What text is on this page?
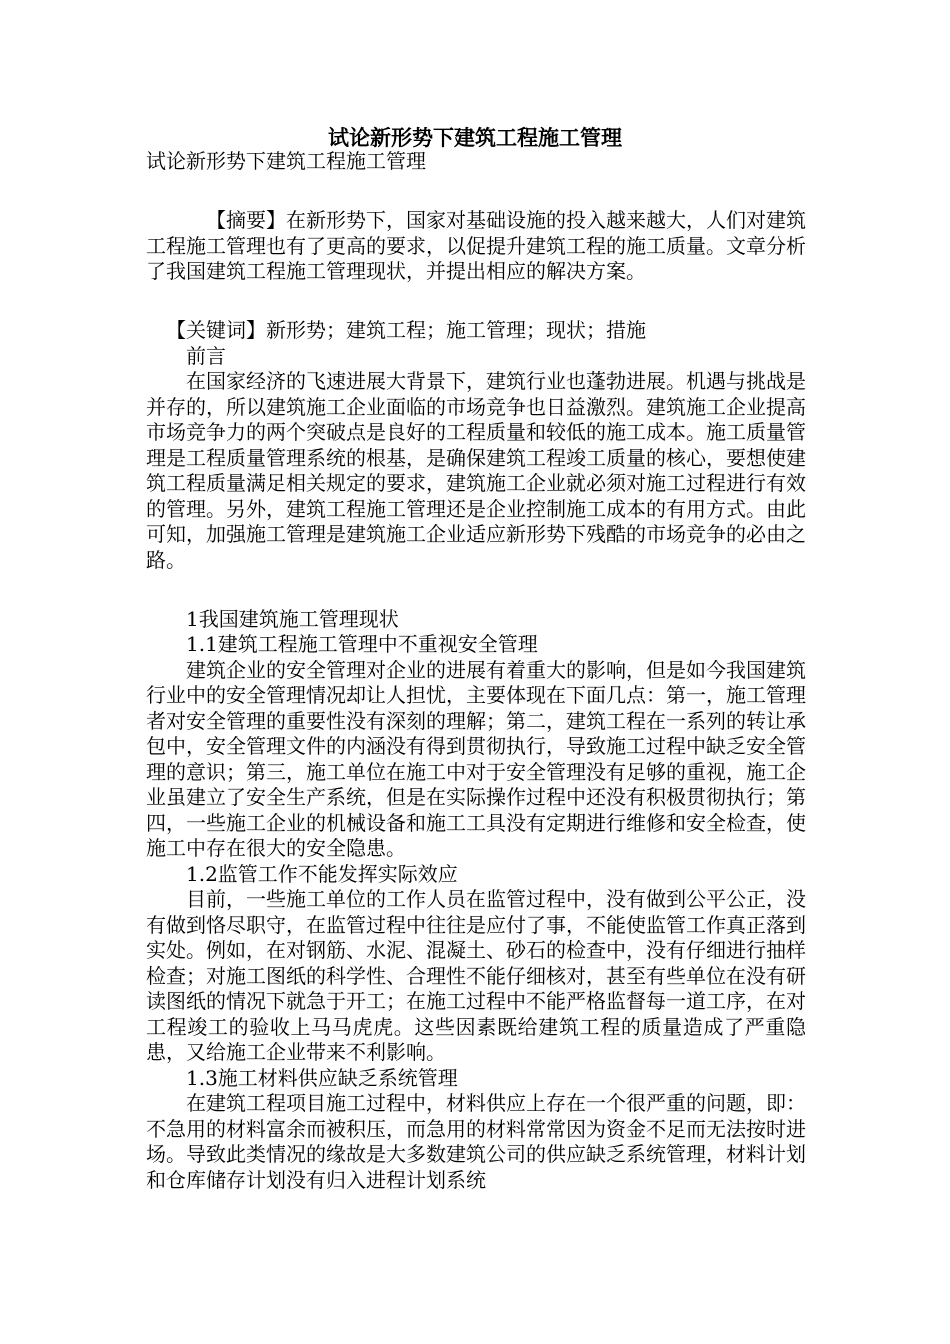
试论新形势下建筑工程施工管理

试论新形势下建筑工程施工管理

【摘要】在新形势下，国家对基础设施的投入越来越大，人们对建筑工程施工管理也有了更高的要求，以促提升建筑工程的施工质量。文章分析了我国建筑工程施工管理现状，并提出相应的解决方案。

【关键词】新形势；建筑工程；施工管理；现状；措施

前言

在国家经济的飞速进展大背景下，建筑行业也蓬勃进展。机遇与挑战是并存的，所以建筑施工企业面临的市场竞争也日益激烈。建筑施工企业提高市场竞争力的两个突破点是良好的工程质量和较低的施工成本。施工质量管理是工程质量管理系统的根基，是确保建筑工程竣工质量的核心，要想使建筑工程质量满足相关规定的要求，建筑施工企业就必须对施工过程进行有效的管理。另外，建筑工程施工管理还是企业控制施工成本的有用方式。由此可知，加强施工管理是建筑施工企业适应新形势下残酷的市场竞争的必由之路。

1我国建筑施工管理现状

1.1建筑工程施工管理中不重视安全管理

建筑企业的安全管理对企业的进展有着重大的影响，但是如今我国建筑行业中的安全管理情况却让人担忧，主要体现在下面几点：第一，施工管理者对安全管理的重要性没有深刻的理解；第二，建筑工程在一系列的转让承包中，安全管理文件的内涵没有得到贯彻执行，导致施工过程中缺乏安全管理的意识；第三，施工单位在施工中对于安全管理没有足够的重视，施工企业虽建立了安全生产系统，但是在实际操作过程中还没有积极贯彻执行；第四，一些施工企业的机械设备和施工工具没有定期进行维修和安全检查，使施工中存在很大的安全隐患。

1.2监管工作不能发挥实际效应

目前，一些施工单位的工作人员在监管过程中，没有做到公平公正，没有做到恪尽职守，在监管过程中往往是应付了事，不能使监管工作真正落到实处。例如，在对钢筋、水泥、混凝土、砂石的检查中，没有仔细进行抽样检查；对施工图纸的科学性、合理性不能仔细核对，甚至有些单位在没有研读图纸的情况下就急于开工；在施工过程中不能严格监督每一道工序，在对工程竣工的验收上马马虎虎。这些因素既给建筑工程的质量造成了严重隐患，又给施工企业带来不利影响。

1.3施工材料供应缺乏系统管理

在建筑工程项目施工过程中，材料供应上存在一个很严重的问题，即：不急用的材料富余而被积压，而急用的材料常常因为资金不足而无法按时进场。导致此类情况的缘故是大多数建筑公司的供应缺乏系统管理，材料计划和仓库储存计划没有归入进程计划系统
